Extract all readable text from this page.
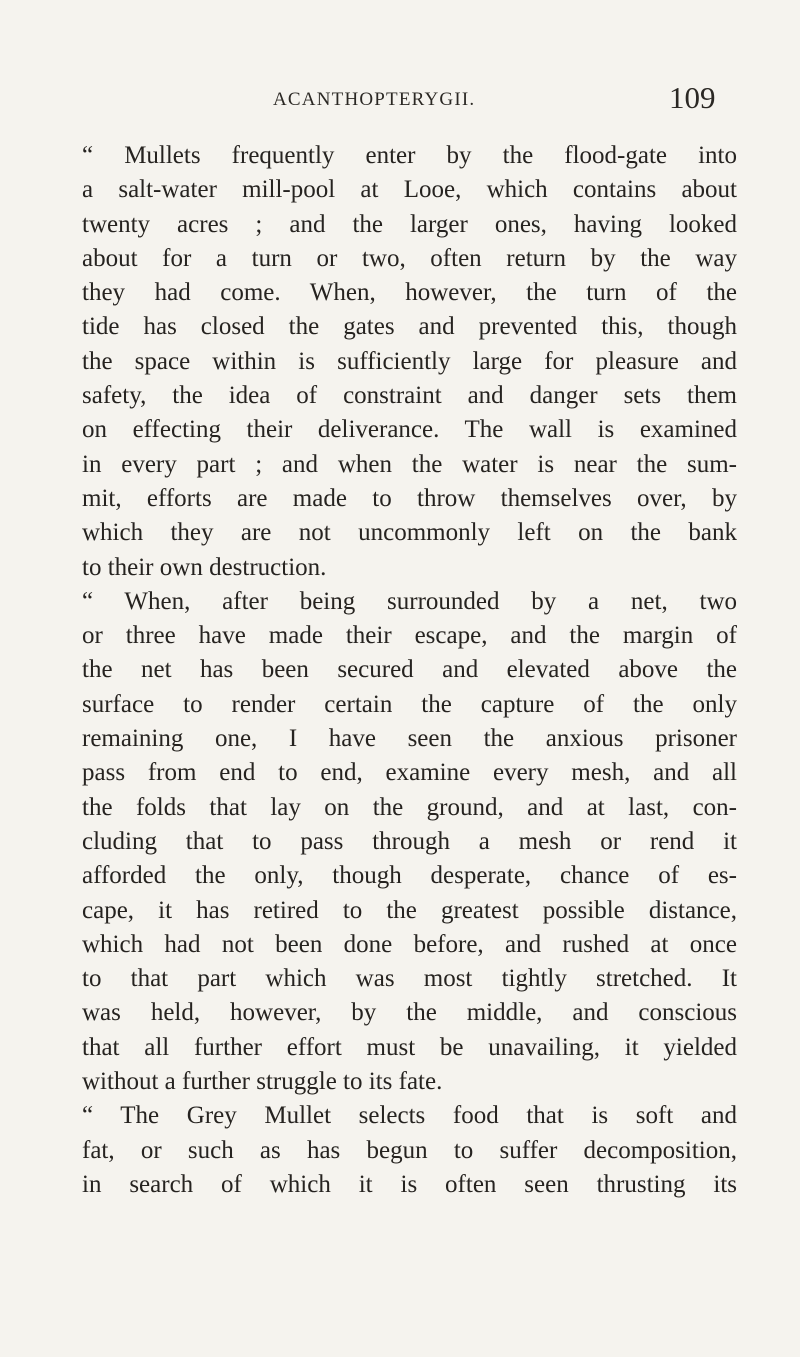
ACANTHOPTERYGII.	109
“ Mullets frequently enter by the flood-gate into
a salt-water mill-pool at Looe, which contains about
twenty acres ; and the larger ones, having looked
about for a turn or two, often return by the way
they had come. When, however, the turn of the
tide has closed the gates and prevented this, though
the space within is sufficiently large for pleasure and
safety, the idea of constraint and danger sets them
on effecting their deliverance. The wall is examined
in every part ; and when the water is near the sum-
mit, efforts are made to throw themselves over, by
which they are not uncommonly left on the bank
to their own destruction.
“ When, after being surrounded by a net, two
or three have made their escape, and the margin of
the net has been secured and elevated above the
surface to render certain the capture of the only
remaining one, I have seen the anxious prisoner
pass from end to end, examine every mesh, and all
the folds that lay on the ground, and at last, con-
cluding that to pass through a mesh or rend it
afforded the only, though desperate, chance of es-
cape, it has retired to the greatest possible distance,
which had not been done before, and rushed at once
to that part which was most tightly stretched. It
was held, however, by the middle, and conscious
that all further effort must be unavailing, it yielded
without a further struggle to its fate.
“ The Grey Mullet selects food that is soft and
fat, or such as has begun to suffer decomposition,
in search of which it is often seen thrusting its
